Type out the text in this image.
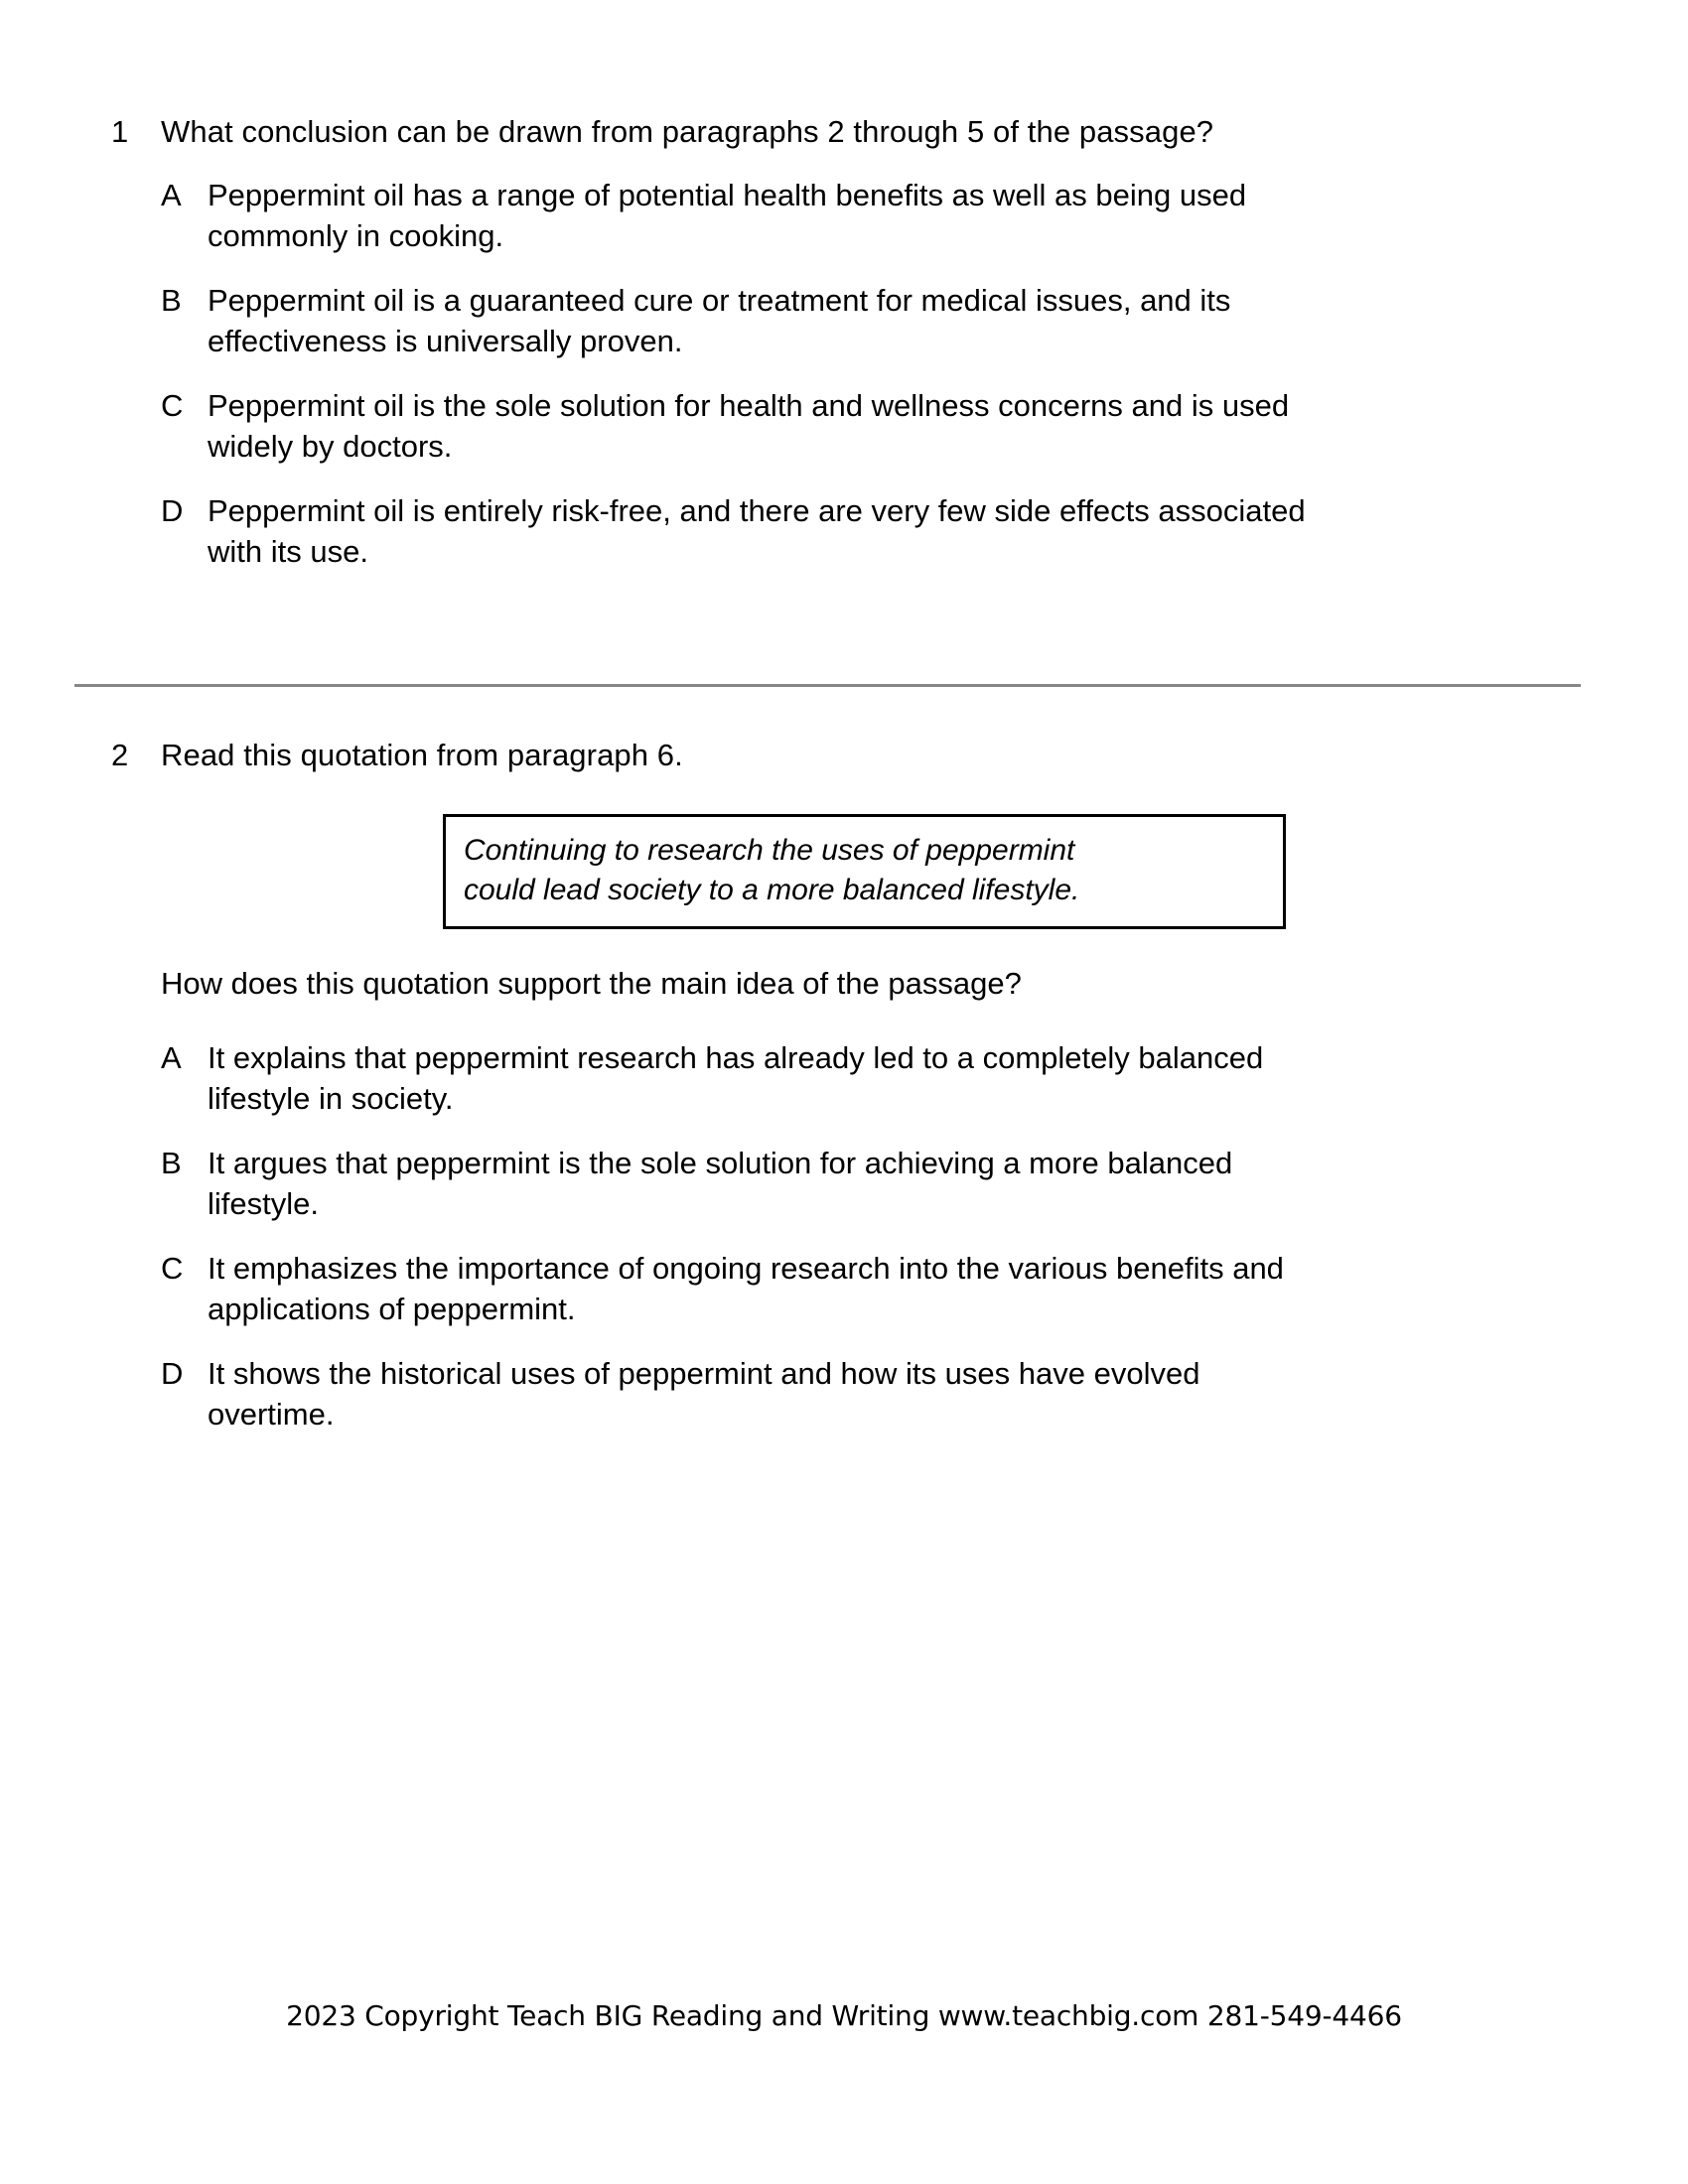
1	What conclusion can be drawn from paragraphs 2 through 5 of the passage?
A Peppermint oil has a range of potential health benefits as well as being used commonly in cooking.
B Peppermint oil is a guaranteed cure or treatment for medical issues, and its effectiveness is universally proven.
C Peppermint oil is the sole solution for health and wellness concerns and is used widely by doctors.
D Peppermint oil is entirely risk-free, and there are very few side effects associated with its use.
2	Read this quotation from paragraph 6.
Continuing to research the uses of peppermint
could lead society to a more balanced lifestyle.
How does this quotation support the main idea of the passage?
A It explains that peppermint research has already led to a completely balanced lifestyle in society.
B It argues that peppermint is the sole solution for achieving a more balanced lifestyle.
C It emphasizes the importance of ongoing research into the various benefits and applications of peppermint.
D It shows the historical uses of peppermint and how its uses have evolved overtime.
2023 Copyright Teach BIG Reading and Writing www.teachbig.com 281-549-4466
